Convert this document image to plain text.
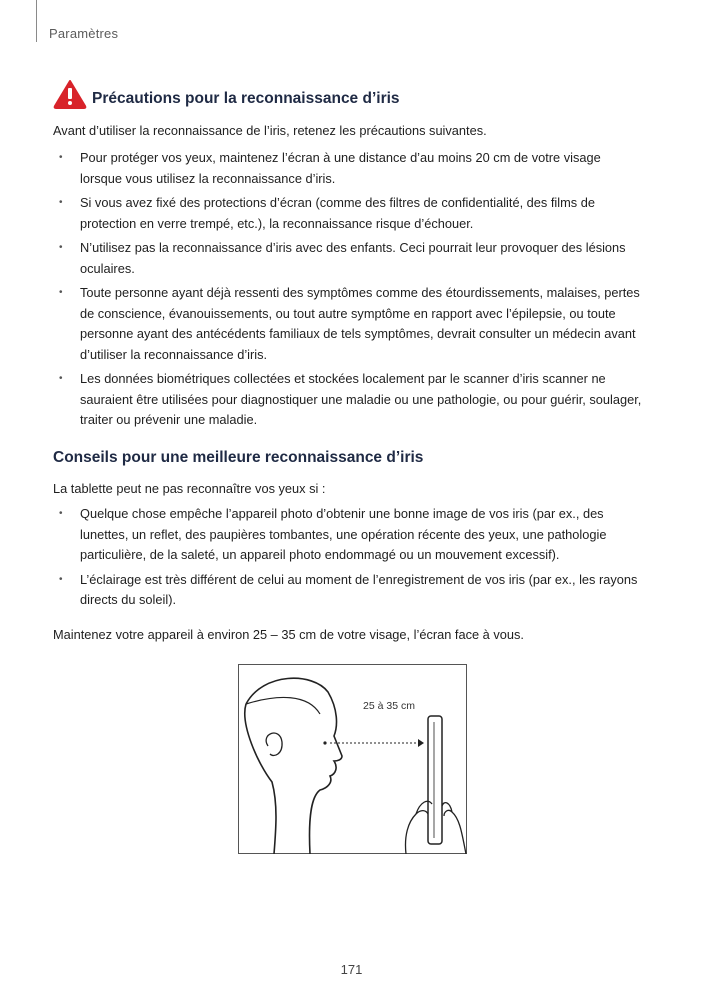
Paramètres
Précautions pour la reconnaissance d’iris

Avant d’utiliser la reconnaissance de l’iris, retenez les précautions suivantes.

• Pour protéger vos yeux, maintenez l’écran à une distance d’au moins 20 cm de votre visage lorsque vous utilisez la reconnaissance d’iris.
• Si vous avez fixé des protections d’écran (comme des filtres de confidentialité, des films de protection en verre trempé, etc.), la reconnaissance risque d’échouer.
• N’utilisez pas la reconnaissance d’iris avec des enfants. Ceci pourrait leur provoquer des lésions oculaires.
• Toute personne ayant déjà ressenti des symptômes comme des étourdissements, malaises, pertes de conscience, évanouissements, ou tout autre symptôme en rapport avec l’épilepsie, ou toute personne ayant des antécédents familiaux de tels symptômes, devrait consulter un médecin avant d’utiliser la reconnaissance d’iris.
• Les données biométriques collectées et stockées localement par le scanner d’iris scanner ne sauraient être utilisées pour diagnostiquer une maladie ou une pathologie, ou pour guérir, soulager, traiter ou prévenir une maladie.
Conseils pour une meilleure reconnaissance d’iris

La tablette peut ne pas reconnaître vos yeux si :

• Quelque chose empêche l’appareil photo d’obtenir une bonne image de vos iris (par ex., des lunettes, un reflet, des paupières tombantes, une opération récente des yeux, une pathologie particulière, de la saleté, un appareil photo endommagé ou un mouvement excessif).
• L’éclairage est très différent de celui au moment de l’enregistrement de vos iris (par ex., les rayons directs du soleil).

Maintenez votre appareil à environ 25 – 35 cm de votre visage, l’écran face à vous.

25 à 35 cm
171
